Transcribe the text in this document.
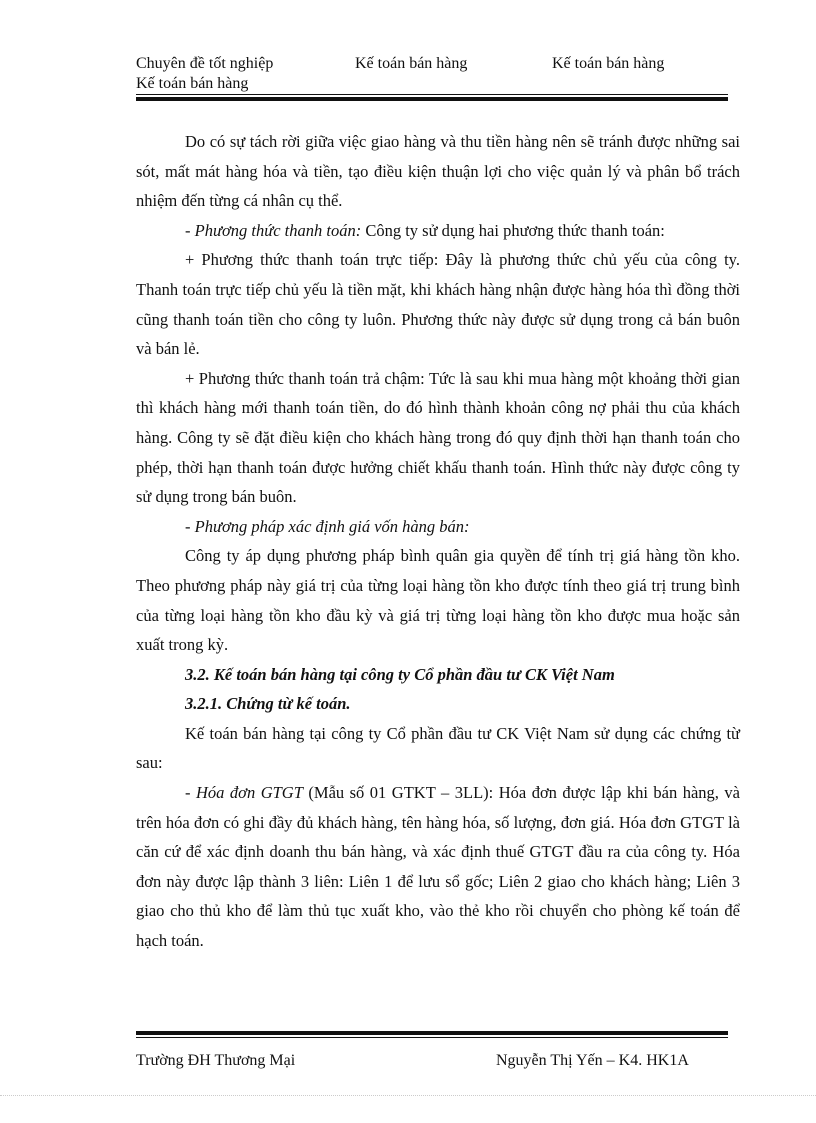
Chuyên đề tốt nghiệp	Kế toán bán hàng	Kế toán bán hàng
Kế toán bán hàng

Do có sự tách rời giữa việc giao hàng và thu tiền hàng nên sẽ tránh được những sai sót, mất mát hàng hóa và tiền, tạo điều kiện thuận lợi cho việc quản lý và phân bổ trách nhiệm đến từng cá nhân cụ thể.

- Phương thức thanh toán: Công ty sử dụng hai phương thức thanh toán:

+ Phương thức thanh toán trực tiếp: Đây là phương thức chủ yếu của công ty. Thanh toán trực tiếp chủ yếu là tiền mặt, khi khách hàng nhận được hàng hóa thì đồng thời cũng thanh toán tiền cho công ty luôn. Phương thức này được sử dụng trong cả bán buôn và bán lẻ.

+ Phương thức thanh toán trả chậm: Tức là sau khi mua hàng một khoảng thời gian thì khách hàng mới thanh toán tiền, do đó hình thành khoản công nợ phải thu của khách hàng. Công ty sẽ đặt điều kiện cho khách hàng trong đó quy định thời hạn thanh toán cho phép, thời hạn thanh toán được hưởng chiết khấu thanh toán. Hình thức này được công ty sử dụng trong bán buôn.

- Phương pháp xác định giá vốn hàng bán:

Công ty áp dụng phương pháp bình quân gia quyền để tính trị giá hàng tồn kho. Theo phương pháp này giá trị của từng loại hàng tồn kho được tính theo giá trị trung bình của từng loại hàng tồn kho đầu kỳ và giá trị từng loại hàng tồn kho được mua hoặc sản xuất trong kỳ.

3.2. Kế toán bán hàng tại công ty Cổ phần đầu tư CK Việt Nam

3.2.1. Chứng từ kế toán.

Kế toán bán hàng tại công ty Cổ phần đầu tư CK Việt Nam sử dụng các chứng từ sau:

- Hóa đơn GTGT (Mẫu số 01 GTKT – 3LL): Hóa đơn được lập khi bán hàng, và trên hóa đơn có ghi đầy đủ khách hàng, tên hàng hóa, số lượng, đơn giá. Hóa đơn GTGT là căn cứ để xác định doanh thu bán hàng, và xác định thuế GTGT đầu ra của công ty. Hóa đơn này được lập thành 3 liên: Liên 1 để lưu sổ gốc; Liên 2 giao cho khách hàng; Liên 3 giao cho thủ kho để làm thủ tục xuất kho, vào thẻ kho rồi chuyển cho phòng kế toán để hạch toán.

Trường ĐH Thương Mại	Nguyễn Thị Yến – K4. HK1A
